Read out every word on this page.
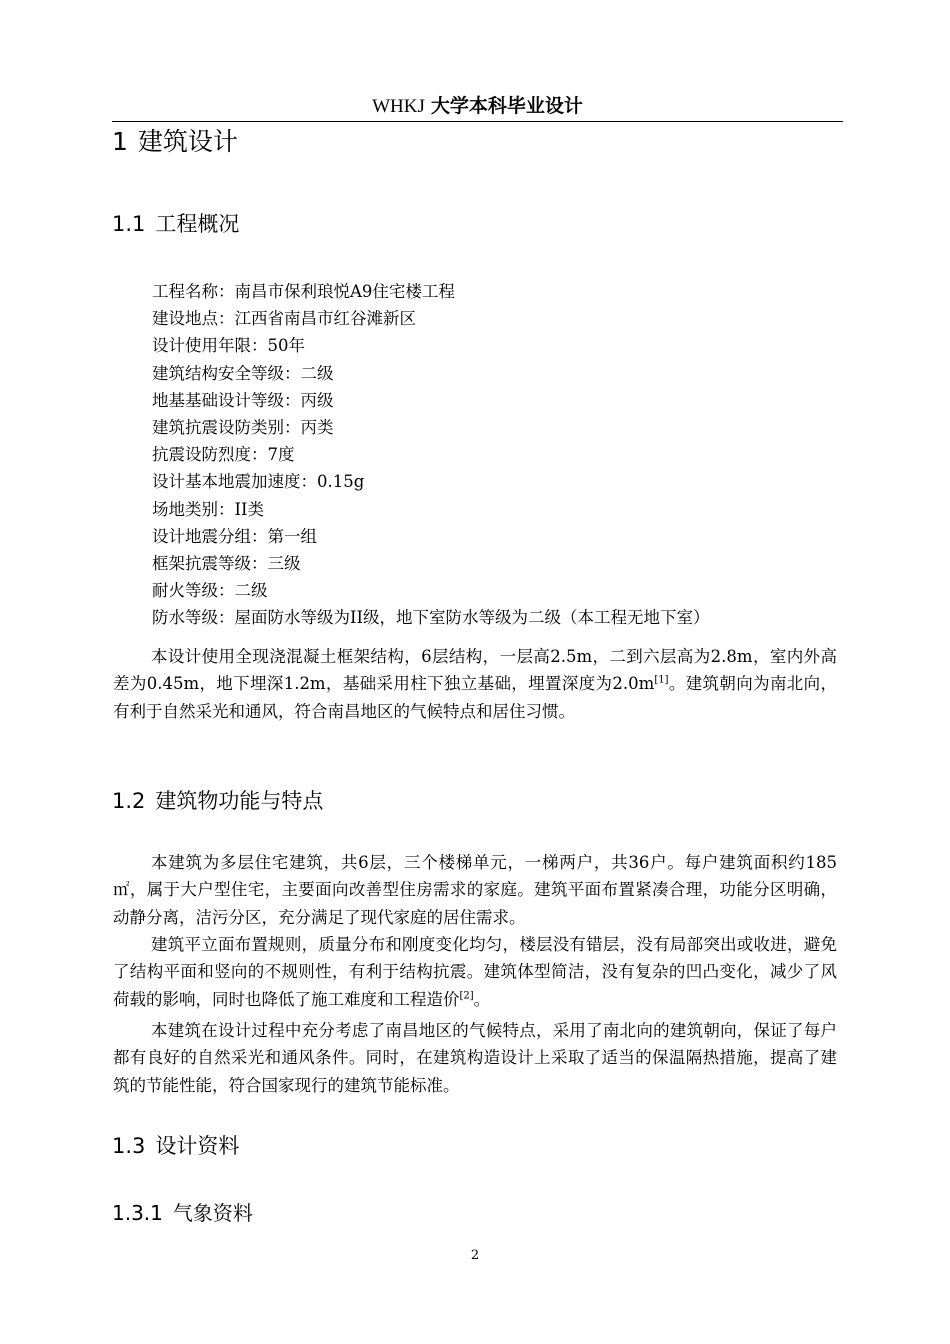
WHKJ 大学本科毕业设计
1 建筑设计
1.1 工程概况
工程名称：南昌市保利琅悦A9住宅楼工程
建设地点：江西省南昌市红谷滩新区
设计使用年限：50年
建筑结构安全等级：二级
地基基础设计等级：丙级
建筑抗震设防类别：丙类
抗震设防烈度：7度
设计基本地震加速度：0.15g
场地类别：II类
设计地震分组：第一组
框架抗震等级：三级
耐火等级：二级
防水等级：屋面防水等级为II级，地下室防水等级为二级（本工程无地下室）

本设计使用全现浇混凝土框架结构，6层结构，一层高2.5m，二到六层高为2.8m，室内外高差为0.45m，地下埋深1.2m，基础采用柱下独立基础，埋置深度为2.0m[1]。建筑朝向为南北向，有利于自然采光和通风，符合南昌地区的气候特点和居住习惯。

1.2 建筑物功能与特点

本建筑为多层住宅建筑，共6层，三个楼梯单元，一梯两户，共36户。每户建筑面积约185㎡，属于大户型住宅，主要面向改善型住房需求的家庭。建筑平面布置紧凑合理，功能分区明确，动静分离，洁污分区，充分满足了现代家庭的居住需求。

建筑平立面布置规则，质量分布和刚度变化均匀，楼层没有错层，没有局部突出或收进，避免了结构平面和竖向的不规则性，有利于结构抗震。建筑体型简洁，没有复杂的凹凸变化，减少了风荷载的影响，同时也降低了施工难度和工程造价[2]。

本建筑在设计过程中充分考虑了南昌地区的气候特点，采用了南北向的建筑朝向，保证了每户都有良好的自然采光和通风条件。同时，在建筑构造设计上采取了适当的保温隔热措施，提高了建筑的节能性能，符合国家现行的建筑节能标准。

1.3 设计资料
1.3.1 气象资料
2
